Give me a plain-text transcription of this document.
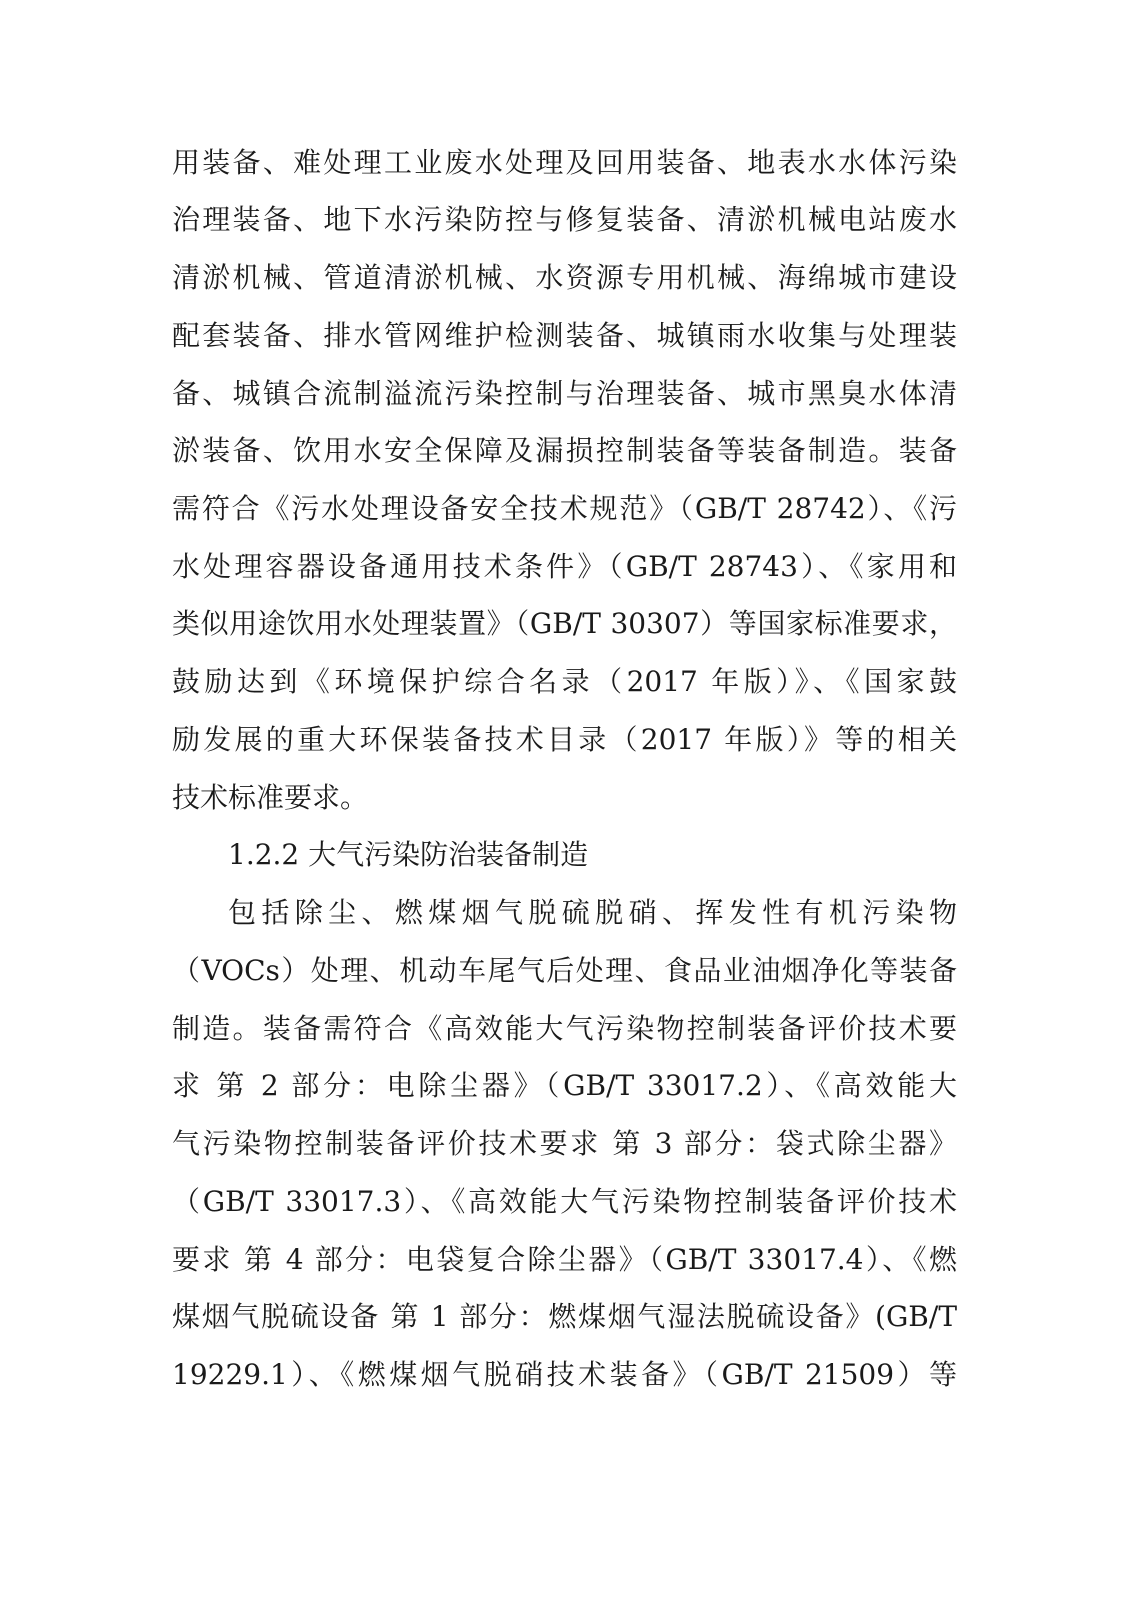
用装备、难处理工业废水处理及回用装备、地表水水体污染
治理装备、地下水污染防控与修复装备、清淤机械电站废水
清淤机械、管道清淤机械、水资源专用机械、海绵城市建设
配套装备、排水管网维护检测装备、城镇雨水收集与处理装
备、城镇合流制溢流污染控制与治理装备、城市黑臭水体清
淤装备、饮用水安全保障及漏损控制装备等装备制造。装备
需符合《污水处理设备安全技术规范》（GB/T 28742）、《污
水处理容器设备通用技术条件》（GB/T 28743）、《家用和
类似用途饮用水处理装置》（GB/T 30307）等国家标准要求，
鼓励达到《环境保护综合名录（2017 年版）》、《国家鼓
励发展的重大环保装备技术目录（2017 年版）》等的相关
技术标准要求。
1.2.2 大气污染防治装备制造
包括除尘、燃煤烟气脱硫脱硝、挥发性有机污染物
（VOCs）处理、机动车尾气后处理、食品业油烟净化等装备
制造。装备需符合《高效能大气污染物控制装备评价技术要
求 第 2 部分：电除尘器》（GB/T 33017.2）、《高效能大
气污染物控制装备评价技术要求 第 3 部分：袋式除尘器》
（GB/T 33017.3）、《高效能大气污染物控制装备评价技术
要求 第 4 部分：电袋复合除尘器》（GB/T 33017.4）、《燃
煤烟气脱硫设备 第 1 部分：燃煤烟气湿法脱硫设备》(GB/T
19229.1）、《燃煤烟气脱硝技术装备》（GB/T 21509）等
